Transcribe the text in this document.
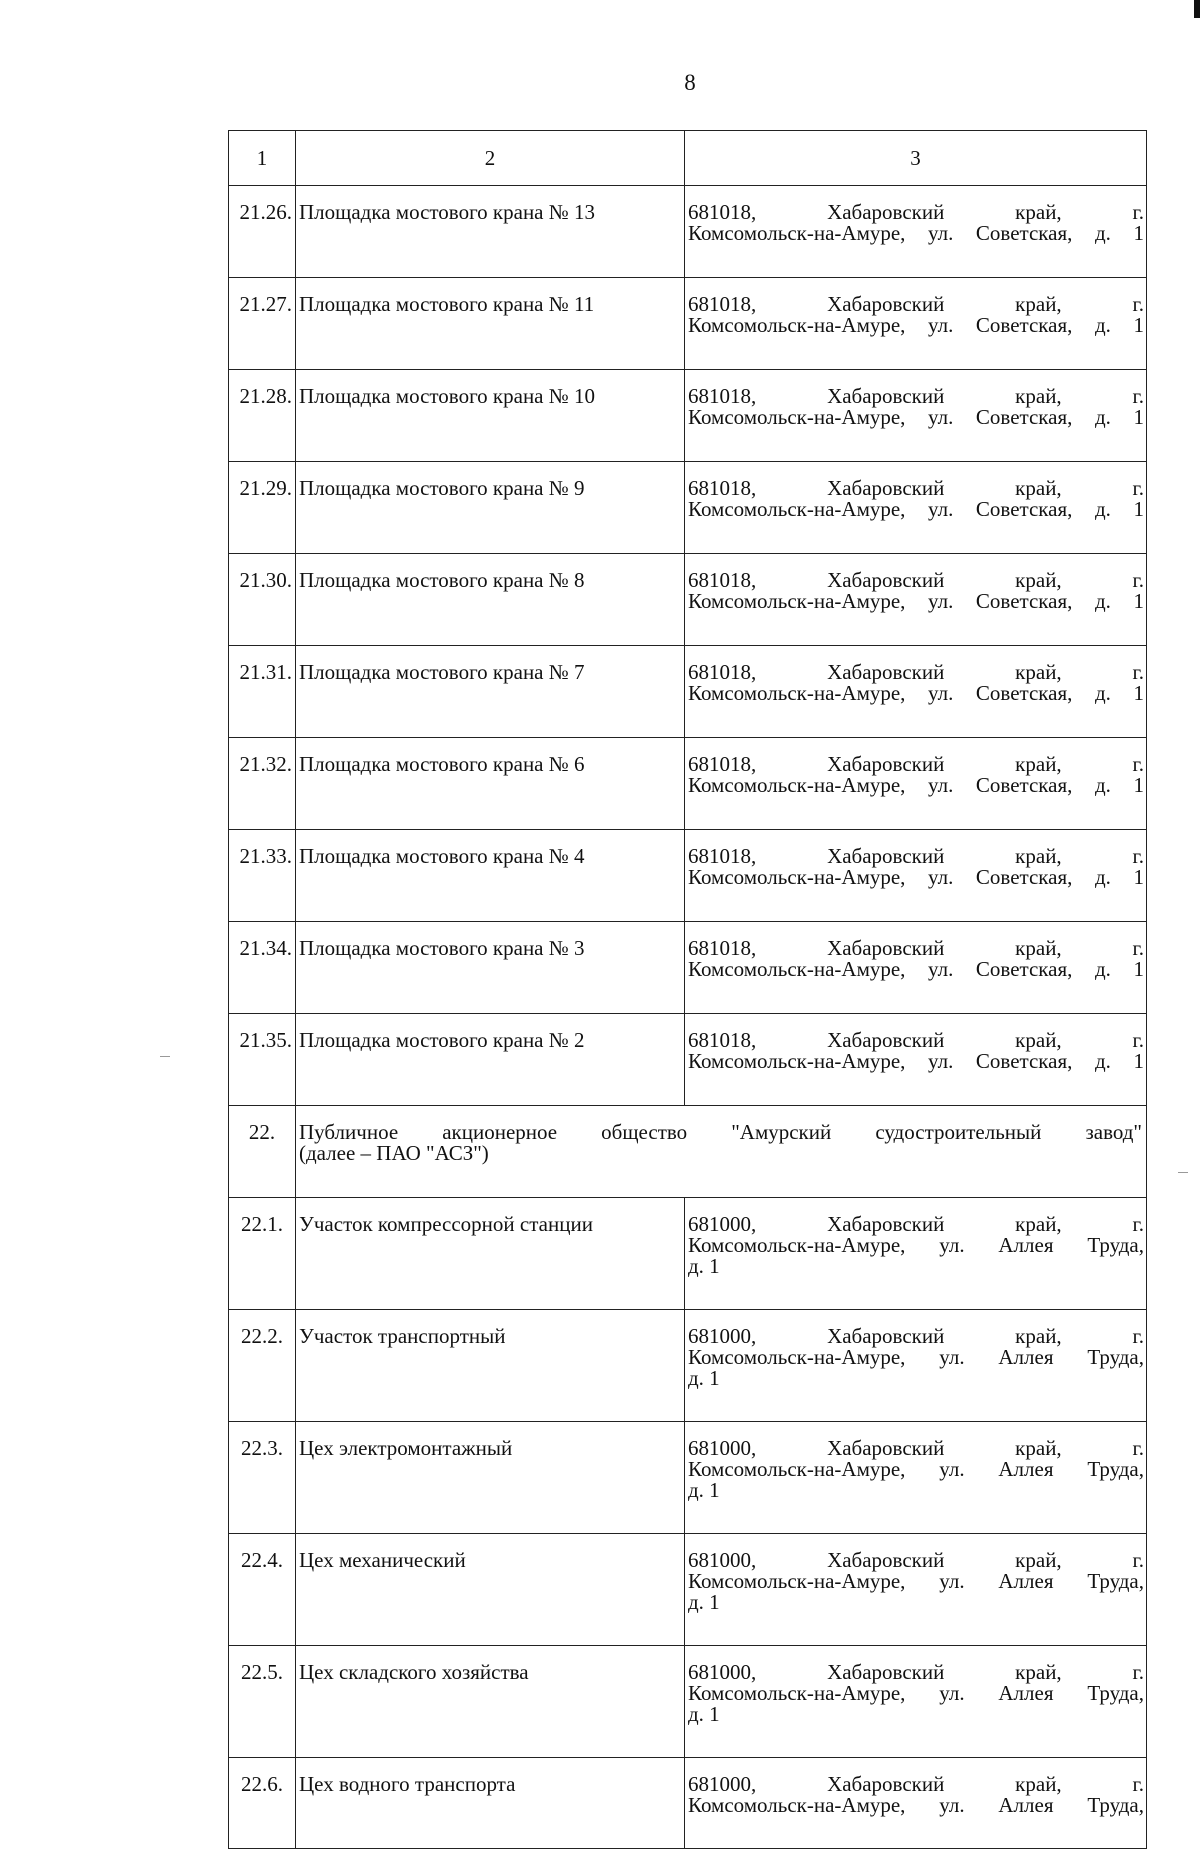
8
1	2	3
21.26.	Площадка мостового крана № 13	681018, Хабаровский край, г.
Комсомольск-на-Амуре, ул. Советская, д. 1

21.27.	Площадка мостового крана № 11	681018, Хабаровский край, г.
Комсомольск-на-Амуре, ул. Советская, д. 1

21.28.	Площадка мостового крана № 10	681018, Хабаровский край, г.
Комсомольск-на-Амуре, ул. Советская, д. 1

21.29.	Площадка мостового крана № 9	681018, Хабаровский край, г.
Комсомольск-на-Амуре, ул. Советская, д. 1

21.30.	Площадка мостового крана № 8	681018, Хабаровский край, г.
Комсомольск-на-Амуре, ул. Советская, д. 1

21.31.	Площадка мостового крана № 7	681018, Хабаровский край, г.
Комсомольск-на-Амуре, ул. Советская, д. 1

21.32.	Площадка мостового крана № 6	681018, Хабаровский край, г.
Комсомольск-на-Амуре, ул. Советская, д. 1

21.33.	Площадка мостового крана № 4	681018, Хабаровский край, г.
Комсомольск-на-Амуре, ул. Советская, д. 1

21.34.	Площадка мостового крана № 3	681018, Хабаровский край, г.
Комсомольск-на-Амуре, ул. Советская, д. 1

21.35.	Площадка мостового крана № 2	681018, Хабаровский край, г.
Комсомольск-на-Амуре, ул. Советская, д. 1

22.	Публичное акционерное общество "Амурский судостроительный завод"
(далее – ПАО "АСЗ")	

22.1.	Участок компрессорной станции	681000, Хабаровский край, г.
Комсомольск-на-Амуре, ул. Аллея Труда,
д. 1

22.2.	Участок транспортный	681000, Хабаровский край, г.
Комсомольск-на-Амуре, ул. Аллея Труда,
д. 1

22.3.	Цех электромонтажный	681000, Хабаровский край, г.
Комсомольск-на-Амуре, ул. Аллея Труда,
д. 1

22.4.	Цех механический	681000, Хабаровский край, г.
Комсомольск-на-Амуре, ул. Аллея Труда,
д. 1

22.5.	Цех складского хозяйства	681000, Хабаровский край, г.
Комсомольск-на-Амуре, ул. Аллея Труда,
д. 1

22.6.	Цех водного транспорта	681000, Хабаровский край, г.
Комсомольск-на-Амуре, ул. Аллея Труда,
